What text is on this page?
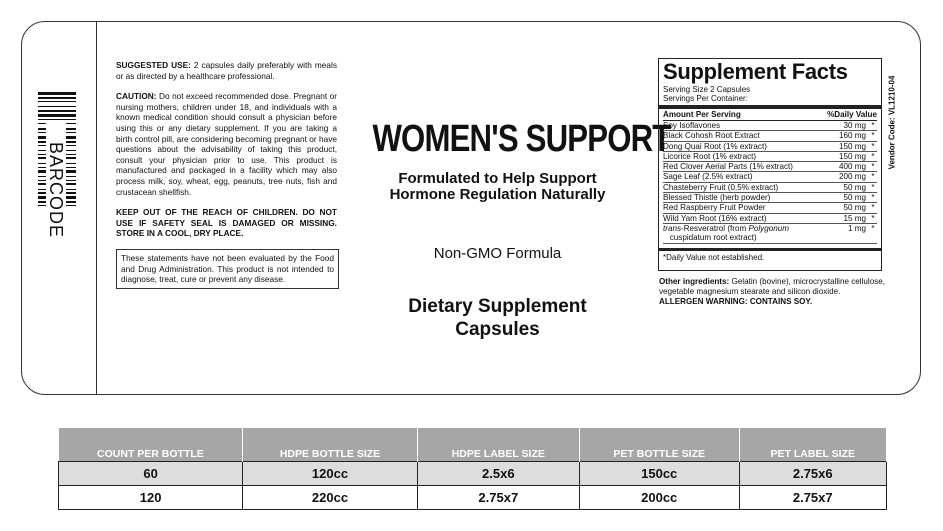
BARCODE

SUGGESTED USE: 2 capsules daily preferably with meals or as directed by a healthcare professional.

CAUTION: Do not exceed recommended dose. Pregnant or nursing mothers, children under 18, and individuals with a known medical condition should consult a physician before using this or any dietary supplement. If you are taking a birth control pill, are considering becoming pregnant or have questions about the advisability of taking this product, consult your physician prior to use. This product is manufactured and packaged in a facility which may also process milk, soy, wheat, egg, peanuts, tree nuts, fish and crustacean shellfish.

KEEP OUT OF THE REACH OF CHILDREN. DO NOT USE IF SAFETY SEAL IS DAMAGED OR MISSING. STORE IN A COOL, DRY PLACE.

These statements have not been evaluated by the Food and Drug Administration. This product is not intended to diagnose, treat, cure or prevent any disease.
WOMEN'S SUPPORT
Formulated to Help Support
Hormone Regulation Naturally
Non-GMO Formula
Dietary Supplement
Capsules
Supplement Facts
Serving Size 2 Capsules
Servings Per Container:
Amount Per Serving	%Daily Value	
Soy Isoflavones	30 mg	*
Black Cohosh Root Extract	160 mg	*
Dong Quai Root (1% extract)	150 mg	*
Licorice Root (1% extract)	150 mg	*
Red Clover Aerial Parts (1% extract)	400 mg	*
Sage Leaf (2.5% extract)	200 mg	*
Chasteberry Fruit (0.5% extract)	50 mg	*
Blessed Thistle (herb powder)	50 mg	*
Red Raspberry Fruit Powder	50 mg	*
Wild Yam Root (16% extract)	15 mg	*
trans-Resveratrol (from Polygonum
cuspidatum root extract)	1 mg	*
*Daily Value not established.
Vendor Code: VL1210-04
Other ingredients: Gelatin (bovine), microcrystalline cellulose, vegetable magnesium stearate and silicon dioxide.
ALLERGEN WARNING: CONTAINS SOY.
COUNT PER BOTTLE	HDPE BOTTLE SIZE	HDPE LABEL SIZE	PET BOTTLE SIZE	PET LABEL SIZE
60	120cc	2.5x6	150cc	2.75x6
120	220cc	2.75x7	200cc	2.75x7
